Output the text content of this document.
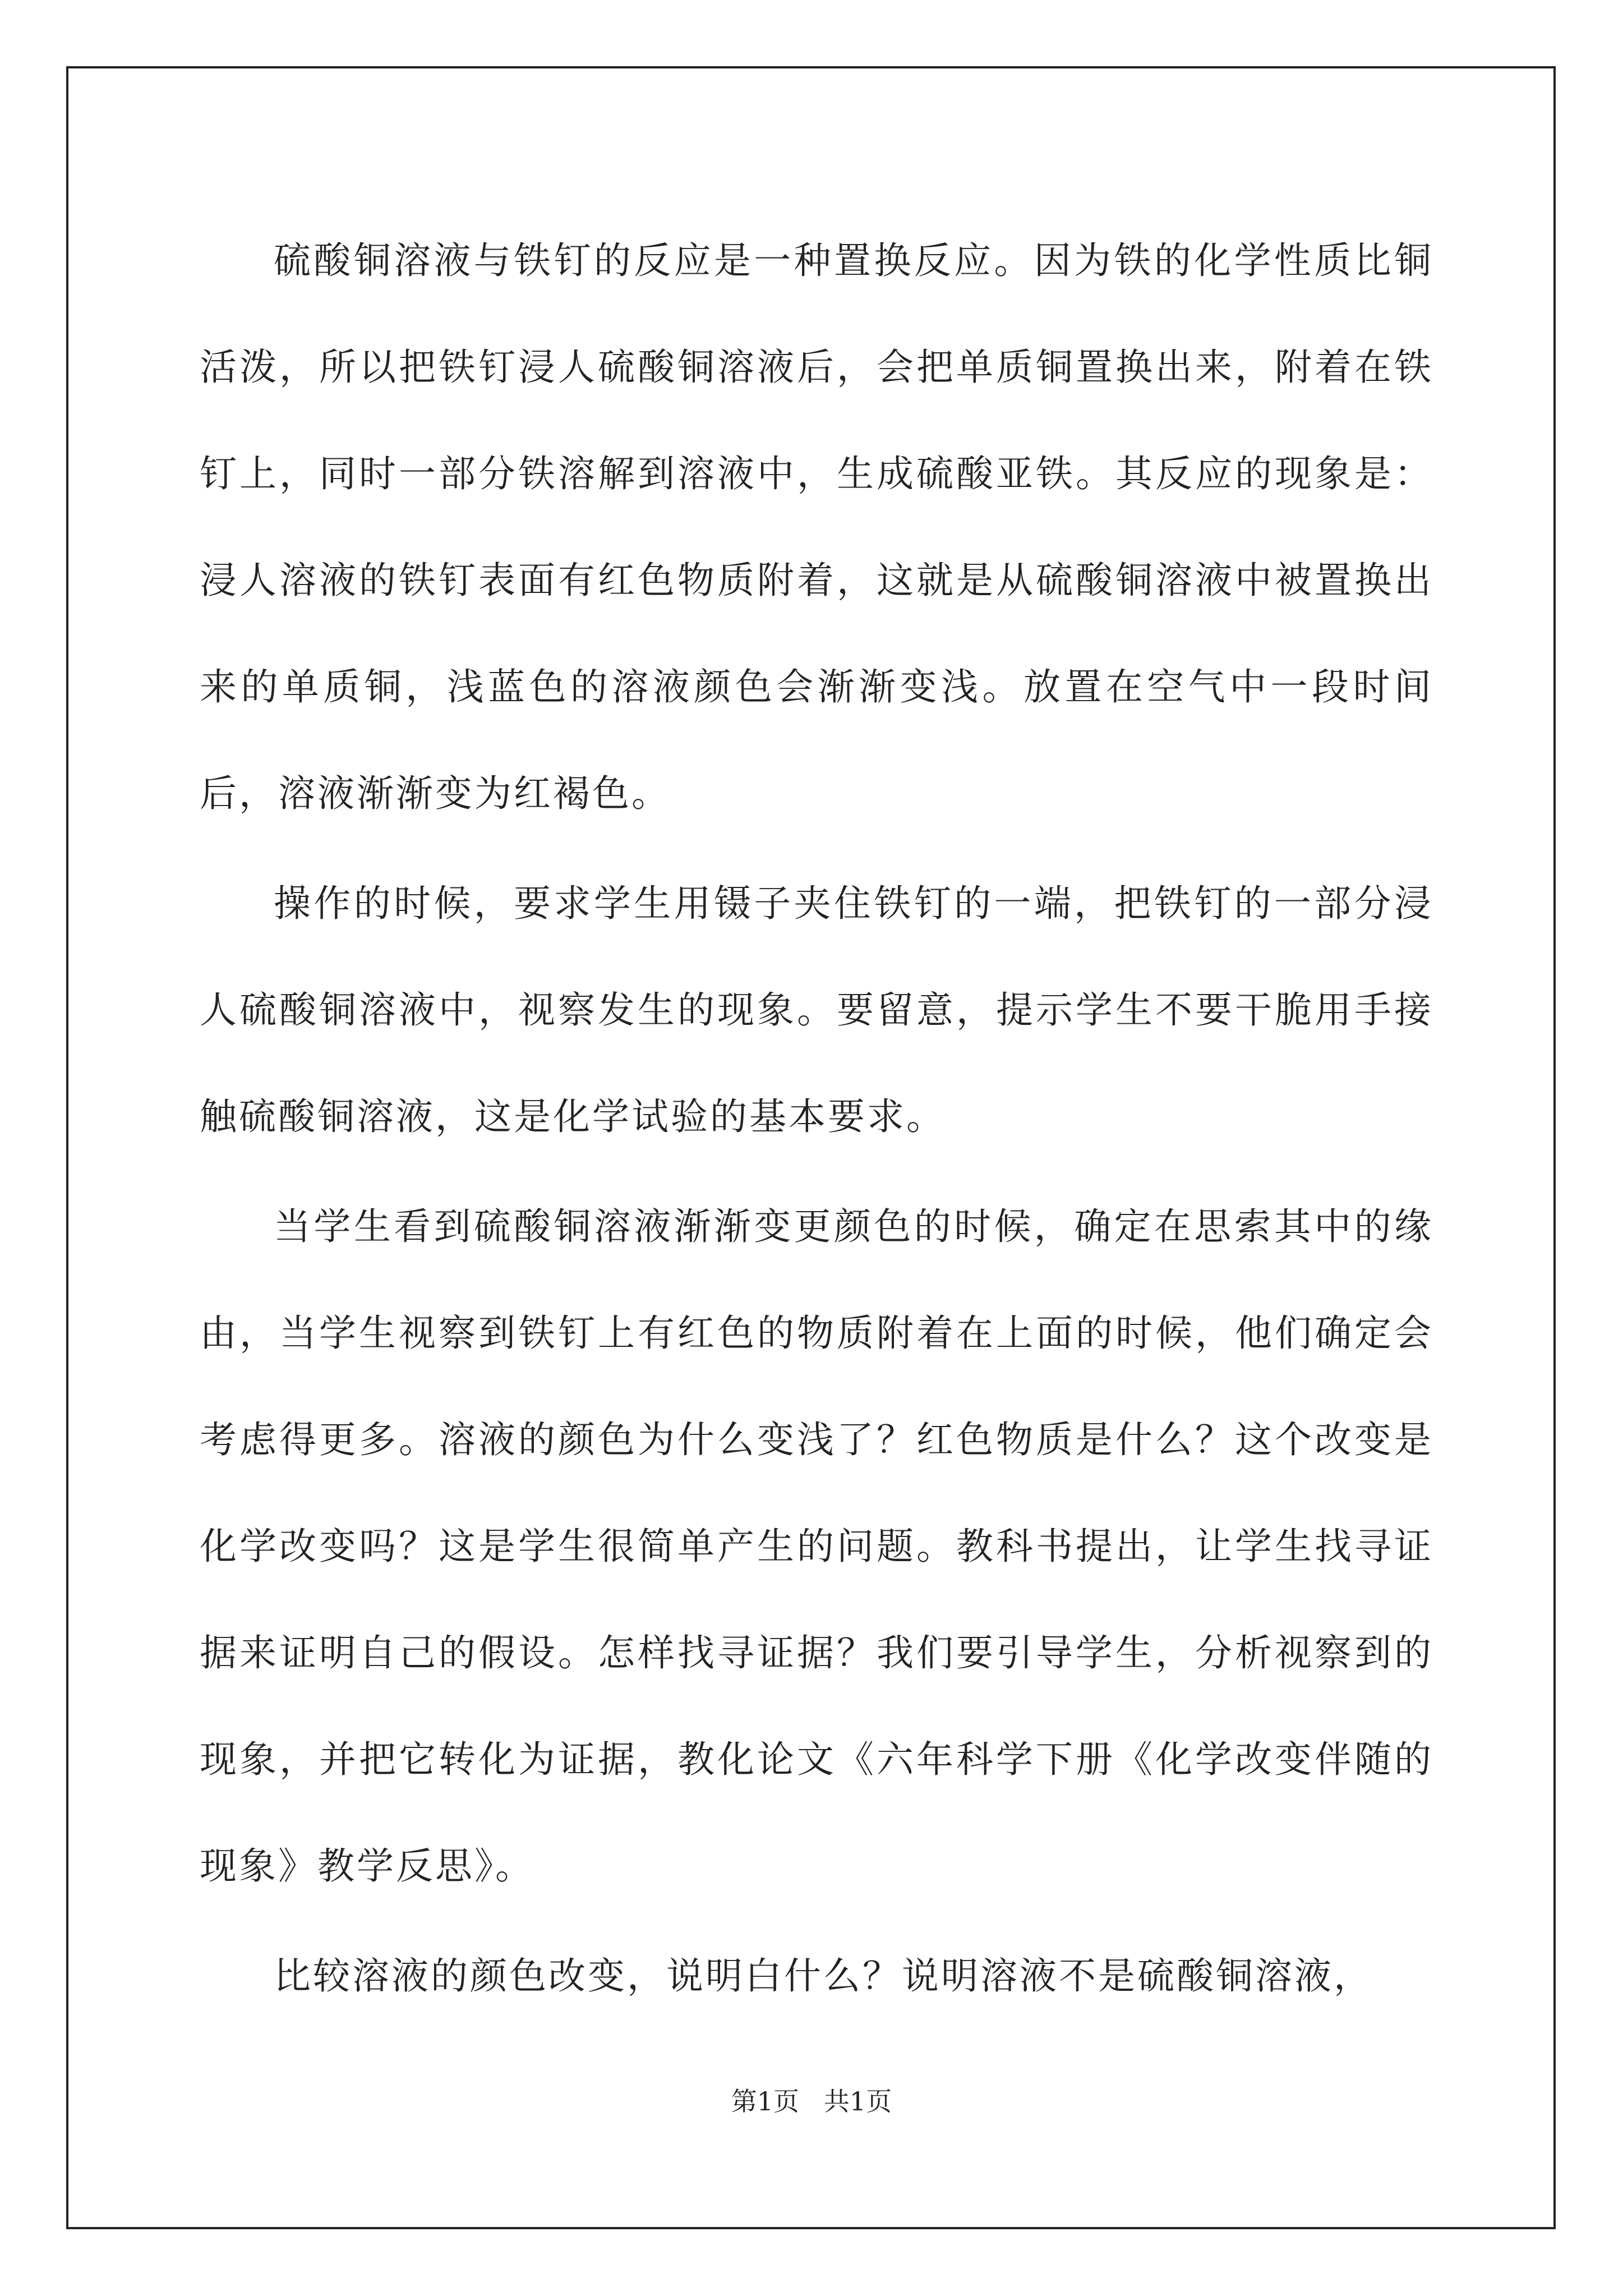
硫酸铜溶液与铁钉的反应是一种置换反应。因为铁的化学性质比铜活泼，所以把铁钉浸人硫酸铜溶液后，会把单质铜置换出来，附着在铁钉上，同时一部分铁溶解到溶液中，生成硫酸亚铁。其反应的现象是：浸人溶液的铁钉表面有红色物质附着，这就是从硫酸铜溶液中被置换出来的单质铜，浅蓝色的溶液颜色会渐渐变浅。放置在空气中一段时间后，溶液渐渐变为红褐色。

操作的时候，要求学生用镊子夹住铁钉的一端，把铁钉的一部分浸人硫酸铜溶液中，视察发生的现象。要留意，提示学生不要干脆用手接触硫酸铜溶液，这是化学试验的基本要求。

当学生看到硫酸铜溶液渐渐变更颜色的时候，确定在思索其中的缘由，当学生视察到铁钉上有红色的物质附着在上面的时候，他们确定会考虑得更多。溶液的颜色为什么变浅了？红色物质是什么？这个改变是化学改变吗？这是学生很简单产生的问题。教科书提出，让学生找寻证据来证明自己的假设。怎样找寻证据？我们要引导学生，分析视察到的现象，并把它转化为证据，教化论文《六年科学下册《化学改变伴随的现象》教学反思》。

比较溶液的颜色改变，说明白什么？说明溶液不是硫酸铜溶液，

第1页   共1页
